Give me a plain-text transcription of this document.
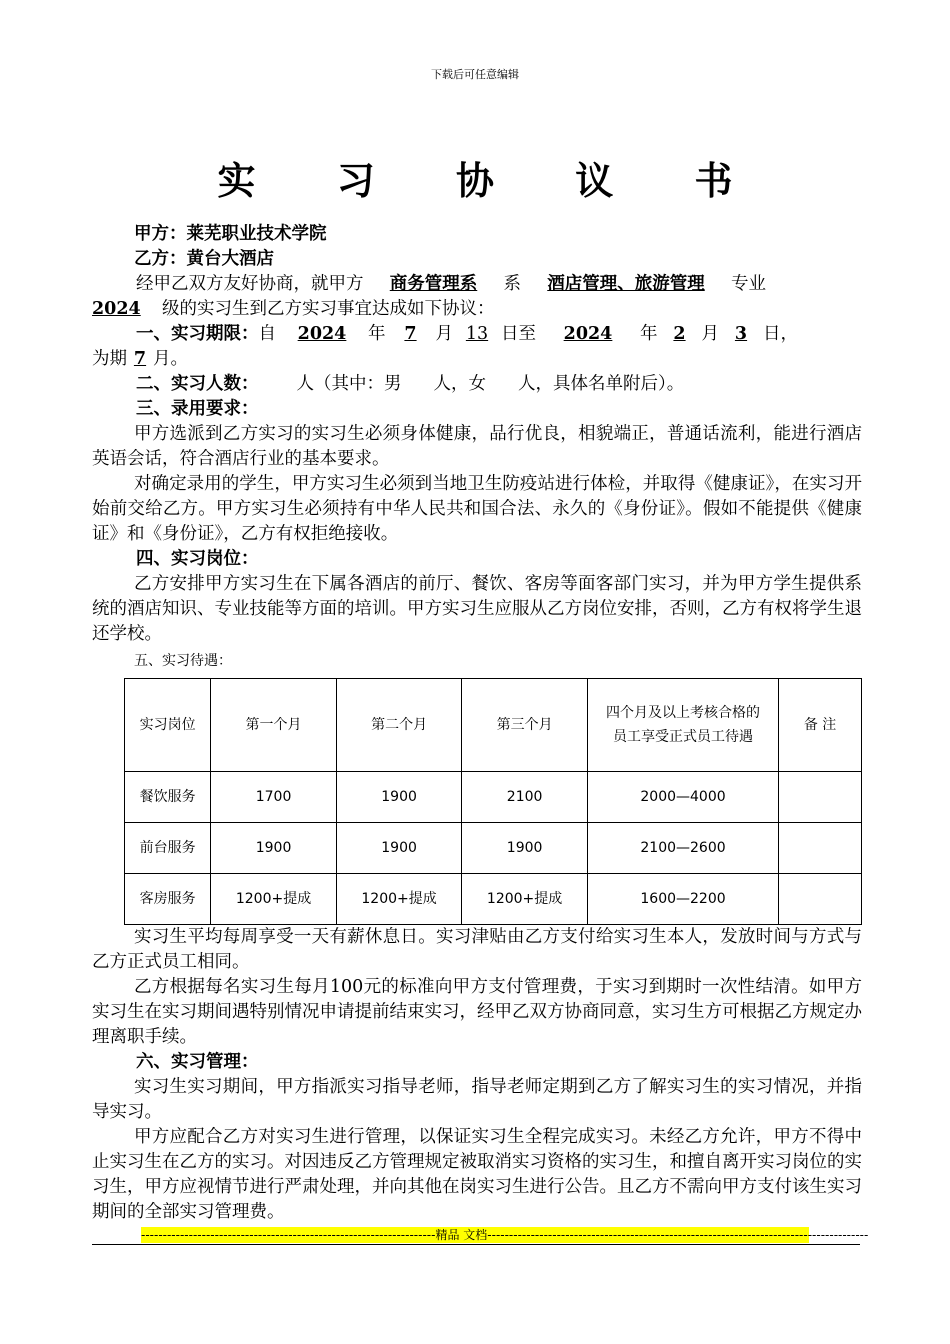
下载后可任意编辑
实 习 协 议 书
甲方：莱芜职业技术学院
乙方：黄台大酒店
经甲乙双方友好协商，就甲方 商务管理系 系 酒店管理、旅游管理 专业
2024 级的实习生到乙方实习事宜达成如下协议：
一、实习期限：自 2024 年 7 月 13 日至 2024 年 2 月 3 日，
为期 7 月。
二、实习人数： 人（其中：男 人，女 人，具体名单附后）。
三、录用要求：
甲方选派到乙方实习的实习生必须身体健康，品行优良，相貌端正，普通话流利，能进行酒店英语会话，符合酒店行业的基本要求。
对确定录用的学生，甲方实习生必须到当地卫生防疫站进行体检，并取得《健康证》，在实习开始前交给乙方。甲方实习生必须持有中华人民共和国合法、永久的《身份证》。假如不能提供《健康证》和《身份证》，乙方有权拒绝接收。
四、实习岗位：
乙方安排甲方实习生在下属各酒店的前厅、餐饮、客房等面客部门实习，并为甲方学生提供系统的酒店知识、专业技能等方面的培训。甲方实习生应服从乙方岗位安排，否则，乙方有权将学生退还学校。
五、实习待遇：
实习岗位	第一个月	第二个月	第三个月	四个月及以上考核合格的员工享受正式员工待遇	备 注
餐饮服务	1700	1900	2100	2000—4000	
前台服务	1900	1900	1900	2100—2600	
客房服务	1200+提成	1200+提成	1200+提成	1600—2200	
实习生平均每周享受一天有薪休息日。实习津贴由乙方支付给实习生本人，发放时间与方式与乙方正式员工相同。
乙方根据每名实习生每月100元的标准向甲方支付管理费，于实习到期时一次性结清。如甲方实习生在实习期间遇特别情况申请提前结束实习，经甲乙双方协商同意，实习生方可根据乙方规定办理离职手续。
六、实习管理：
实习生实习期间，甲方指派实习指导老师，指导老师定期到乙方了解实习生的实习情况，并指导实习。
甲方应配合乙方对实习生进行管理，以保证实习生全程完成实习。未经乙方允许，甲方不得中止实习生在乙方的实习。对因违反乙方管理规定被取消实习资格的实习生，和擅自离开实习岗位的实习生，甲方应视情节进行严肃处理，并向其他在岗实习生进行公告。且乙方不需向甲方支付该生实习期间的全部实习管理费。
--------------------------------------------------------------------精品 文档----------------------------------------------------------------------------------------
